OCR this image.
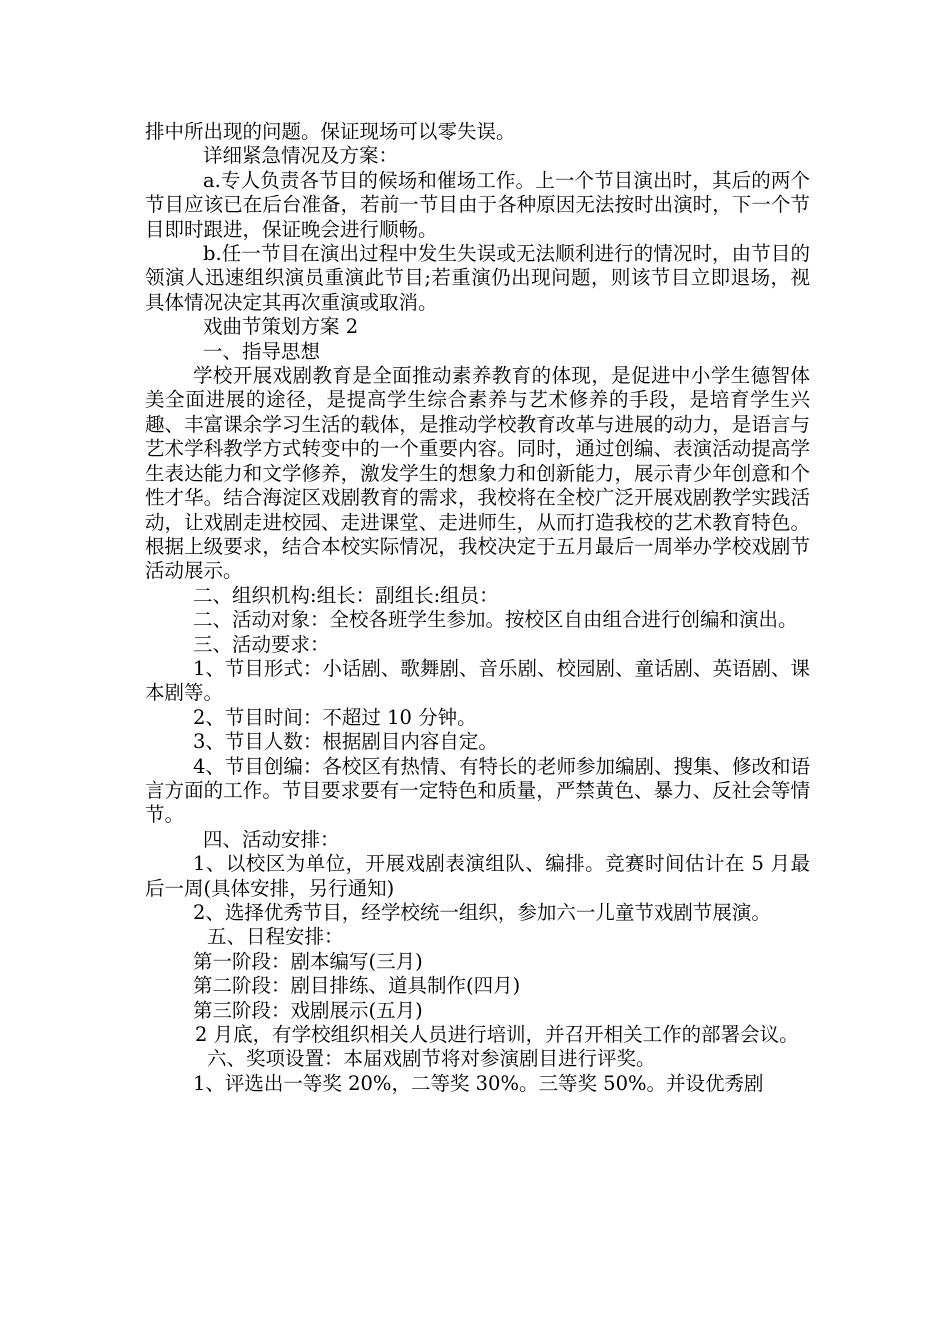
排中所出现的问题。保证现场可以零失误。

详细紧急情况及方案：

a.专人负责各节目的候场和催场工作。上一个节目演出时，其后的两个节目应该已在后台准备，若前一节目由于各种原因无法按时出演时，下一个节目即时跟进，保证晚会进行顺畅。

b.任一节目在演出过程中发生失误或无法顺利进行的情况时，由节目的领演人迅速组织演员重演此节目;若重演仍出现问题，则该节目立即退场，视具体情况决定其再次重演或取消。

戏曲节策划方案 2

一、指导思想

学校开展戏剧教育是全面推动素养教育的体现，是促进中小学生德智体美全面进展的途径，是提高学生综合素养与艺术修养的手段，是培育学生兴趣、丰富课余学习生活的载体，是推动学校教育改革与进展的动力，是语言与艺术学科教学方式转变中的一个重要内容。同时，通过创编、表演活动提高学生表达能力和文学修养，激发学生的想象力和创新能力，展示青少年创意和个性才华。结合海淀区戏剧教育的需求，我校将在全校广泛开展戏剧教学实践活动，让戏剧走进校园、走进课堂、走进师生，从而打造我校的艺术教育特色。根据上级要求，结合本校实际情况，我校决定于五月最后一周举办学校戏剧节活动展示。

二、组织机构:组长：副组长:组员：

二、活动对象：全校各班学生参加。按校区自由组合进行创编和演出。

三、活动要求：

1、节目形式：小话剧、歌舞剧、音乐剧、校园剧、童话剧、英语剧、课本剧等。

2、节目时间：不超过 10 分钟。

3、节目人数：根据剧目内容自定。

4、节目创编：各校区有热情、有特长的老师参加编剧、搜集、修改和语言方面的工作。节目要求要有一定特色和质量，严禁黄色、暴力、反社会等情节。

四、活动安排：

1、以校区为单位，开展戏剧表演组队、编排。竞赛时间估计在 5 月最后一周(具体安排，另行通知)

2、选择优秀节目，经学校统一组织，参加六一儿童节戏剧节展演。

五、日程安排：

第一阶段：剧本编写(三月)

第二阶段：剧目排练、道具制作(四月)

第三阶段：戏剧展示(五月)

2 月底，有学校组织相关人员进行培训，并召开相关工作的部署会议。

六、奖项设置：本届戏剧节将对参演剧目进行评奖。

1、评选出一等奖 20%，二等奖 30%。三等奖 50%。并设优秀剧
